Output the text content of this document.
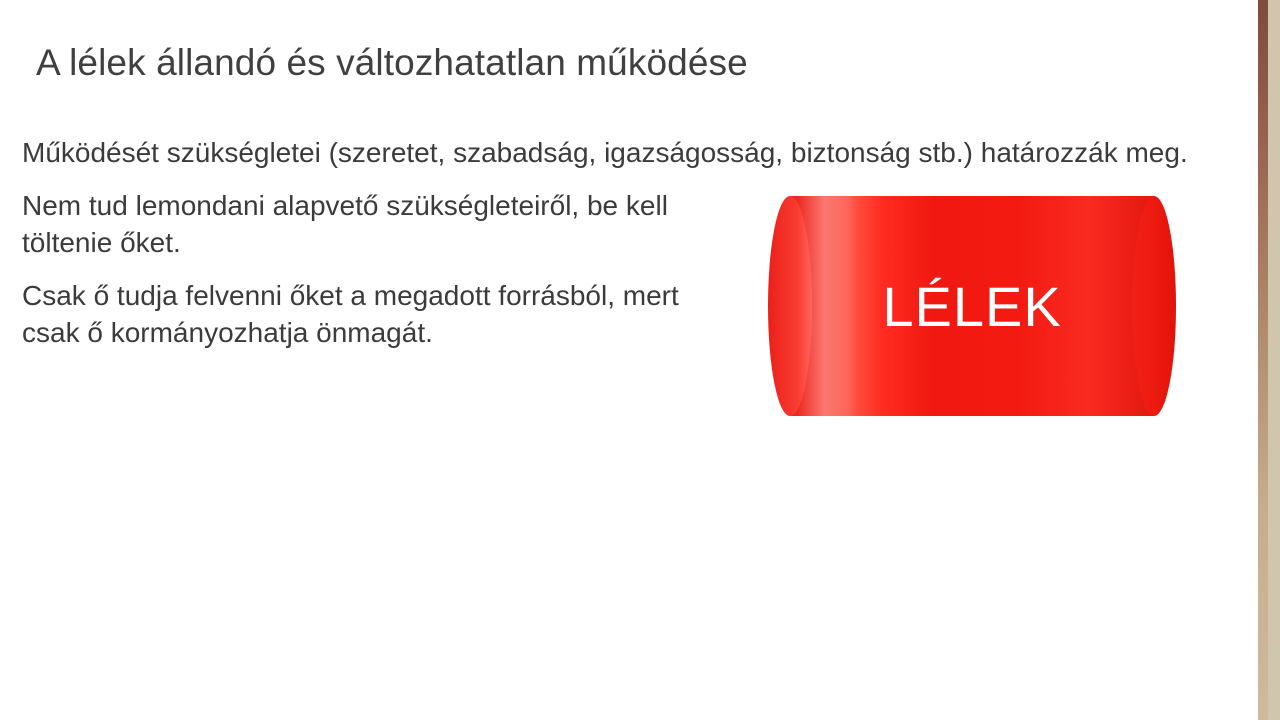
A lélek állandó és változhatatlan működése

Működését szükségletei (szeretet, szabadság, igazságosság, biztonság stb.) határozzák meg.

Nem tud lemondani alapvető szükségleteiről, be kell töltenie őket.

Csak ő tudja felvenni őket a megadott forrásból, mert csak ő kormányozhatja önmagát.	LÉLEK
